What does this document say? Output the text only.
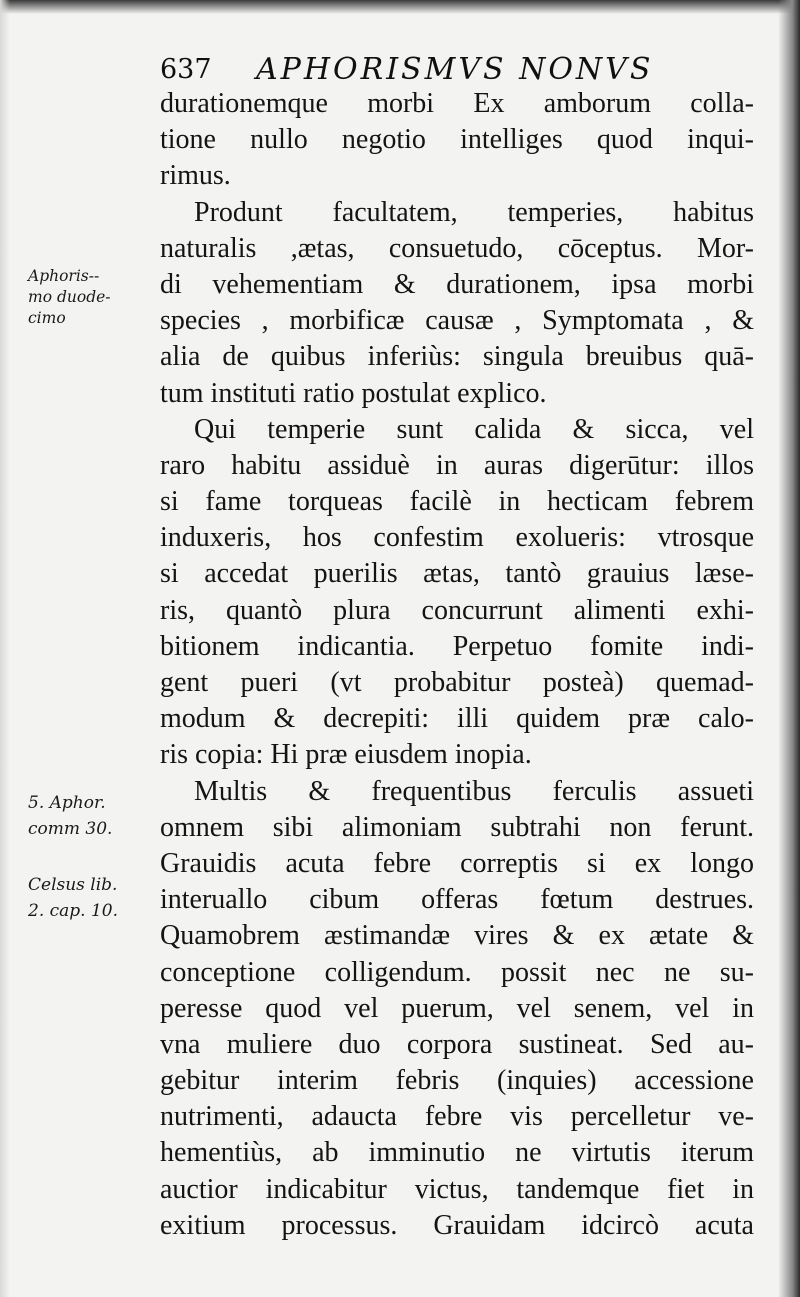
637 APHORISMVS NONVS
Aphoris--
mo duode-
cimo
5. Aphor.
comm 30.
Celsus lib.
2. cap. 10.
durationemque morbi Ex amborum colla-
tione nullo negotio intelliges quod inqui-
rimus.
Produnt facultatem, temperies, habitus
naturalis ,ætas, consuetudo, cōceptus. Mor-
di vehementiam & durationem, ipsa morbi
species , morbificæ causæ , Symptomata , &
alia de quibus inferiùs: singula breuibus quā-
tum instituti ratio postulat explico.
Qui temperie sunt calida & sicca, vel
raro habitu assiduè in auras digerūtur: illos
si fame torqueas facilè in hecticam febrem
induxeris, hos confestim exolueris: vtrosque
si accedat puerilis ætas, tantò grauius læse-
ris, quantò plura concurrunt alimenti exhi-
bitionem indicantia. Perpetuo fomite indi-
gent pueri (vt probabitur posteà) quemad-
modum & decrepiti: illi quidem præ calo-
ris copia: Hi præ eiusdem inopia.
Multis & frequentibus ferculis assueti
omnem sibi alimoniam subtrahi non ferunt.
Grauidis acuta febre correptis si ex longo
interuallo cibum offeras fœtum destrues.
Quamobrem æstimandæ vires & ex ætate &
conceptione colligendum. possit nec ne su-
peresse quod vel puerum, vel senem, vel in
vna muliere duo corpora sustineat. Sed au-
gebitur interim febris (inquies) accessione
nutrimenti, adaucta febre vis percelletur ve-
hementiùs, ab imminutio ne virtutis iterum
auctior indicabitur victus, tandemque fiet in
exitium processus. Grauidam idcircò acuta
